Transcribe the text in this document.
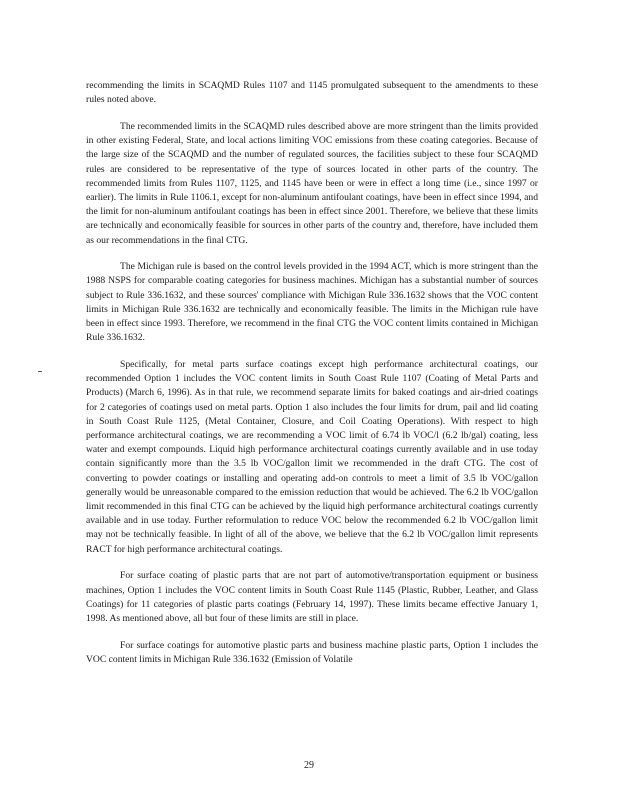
recommending the limits in SCAQMD Rules 1107 and 1145 promulgated subsequent to the amendments to these rules noted above.

The recommended limits in the SCAQMD rules described above are more stringent than the limits provided in other existing Federal, State, and local actions limiting VOC emissions from these coating categories. Because of the large size of the SCAQMD and the number of regulated sources, the facilities subject to these four SCAQMD rules are considered to be representative of the type of sources located in other parts of the country. The recommended limits from Rules 1107, 1125, and 1145 have been or were in effect a long time (i.e., since 1997 or earlier). The limits in Rule 1106.1, except for non-aluminum antifoulant coatings, have been in effect since 1994, and the limit for non-aluminum antifoulant coatings has been in effect since 2001. Therefore, we believe that these limits are technically and economically feasible for sources in other parts of the country and, therefore, have included them as our recommendations in the final CTG.

The Michigan rule is based on the control levels provided in the 1994 ACT, which is more stringent than the 1988 NSPS for comparable coating categories for business machines. Michigan has a substantial number of sources subject to Rule 336.1632, and these sources' compliance with Michigan Rule 336.1632 shows that the VOC content limits in Michigan Rule 336.1632 are technically and economically feasible. The limits in the Michigan rule have been in effect since 1993. Therefore, we recommend in the final CTG the VOC content limits contained in Michigan Rule 336.1632.

Specifically, for metal parts surface coatings except high performance architectural coatings, our recommended Option 1 includes the VOC content limits in South Coast Rule 1107 (Coating of Metal Parts and Products) (March 6, 1996). As in that rule, we recommend separate limits for baked coatings and air-dried coatings for 2 categories of coatings used on metal parts. Option 1 also includes the four limits for drum, pail and lid coating in South Coast Rule 1125, (Metal Container, Closure, and Coil Coating Operations). With respect to high performance architectural coatings, we are recommending a VOC limit of 6.74 lb VOC/l (6.2 lb/gal) coating, less water and exempt compounds. Liquid high performance architectural coatings currently available and in use today contain significantly more than the 3.5 lb VOC/gallon limit we recommended in the draft CTG. The cost of converting to powder coatings or installing and operating add-on controls to meet a limit of 3.5 lb VOC/gallon generally would be unreasonable compared to the emission reduction that would be achieved. The 6.2 lb VOC/gallon limit recommended in this final CTG can be achieved by the liquid high performance architectural coatings currently available and in use today. Further reformulation to reduce VOC below the recommended 6.2 lb VOC/gallon limit may not be technically feasible. In light of all of the above, we believe that the 6.2 lb VOC/gallon limit represents RACT for high performance architectural coatings.

For surface coating of plastic parts that are not part of automotive/transportation equipment or business machines, Option 1 includes the VOC content limits in South Coast Rule 1145 (Plastic, Rubber, Leather, and Glass Coatings) for 11 categories of plastic parts coatings (February 14, 1997). These limits became effective January 1, 1998. As mentioned above, all but four of these limits are still in place.

For surface coatings for automotive plastic parts and business machine plastic parts, Option 1 includes the VOC content limits in Michigan Rule 336.1632 (Emission of Volatile

29
